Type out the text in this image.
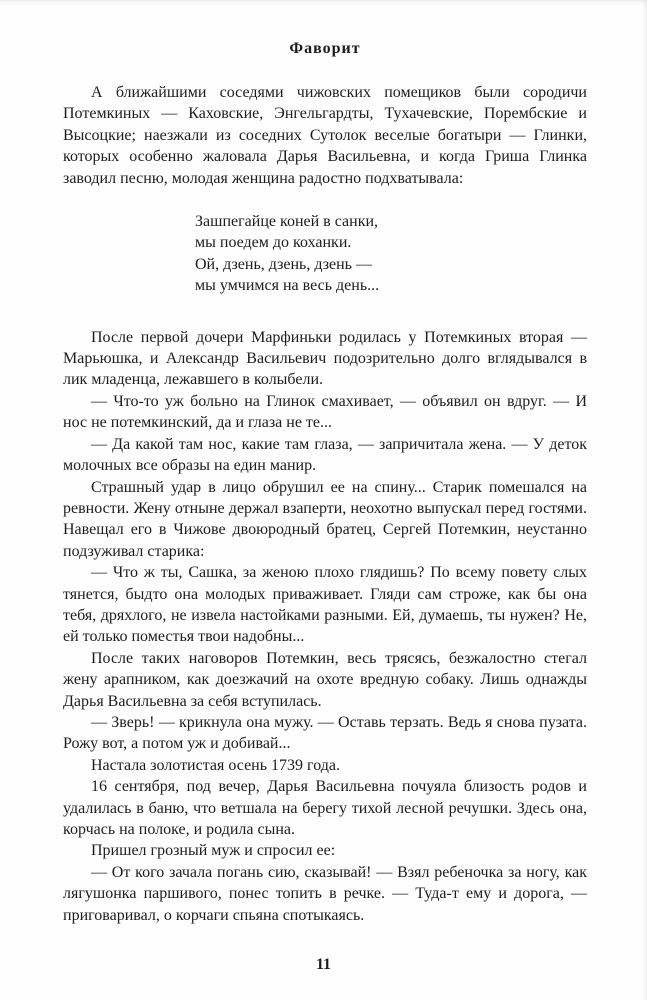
Фаворит

А ближайшими соседями чижовских помещиков были сородичи Потемкиных — Каховские, Энгельгардты, Тухачевские, Порембские и Высоцкие; наезжали из соседних Сутолок веселые богатыри — Глинки, которых особенно жаловала Дарья Васильевна, и когда Гриша Глинка заводил песню, молодая женщина радостно подхватывала:

Зашпегайце коней в санки,
мы поедем до коханки.
Ой, дзень, дзень, дзень —
мы умчимся на весь день...

После первой дочери Марфиньки родилась у Потемкиных вторая — Марьюшка, и Александр Васильевич подозрительно долго вглядывался в лик младенца, лежавшего в колыбели.

— Что-то уж больно на Глинок смахивает, — объявил он вдруг. — И нос не потемкинский, да и глаза не те...

— Да какой там нос, какие там глаза, — запричитала жена. — У деток молочных все образы на един манир.

Страшный удар в лицо обрушил ее на спину... Старик помешался на ревности. Жену отныне держал взаперти, неохотно выпускал перед гостями. Навещал его в Чижове двоюродный братец, Сергей Потемкин, неустанно подзуживал старика:

— Что ж ты, Сашка, за женою плохо глядишь? По всему повету слых тянется, быдто она молодых приваживает. Гляди сам строже, как бы она тебя, дряхлого, не извела настойками разными. Ей, думаешь, ты нужен? Не, ей только поместья твои надобны...

После таких наговоров Потемкин, весь трясясь, безжалостно стегал жену арапником, как доезжачий на охоте вредную собаку. Лишь однажды Дарья Васильевна за себя вступилась.

— Зверь! — крикнула она мужу. — Оставь терзать. Ведь я снова пузата. Рожу вот, а потом уж и добивай...

Настала золотистая осень 1739 года.

16 сентября, под вечер, Дарья Васильевна почуяла близость родов и удалилась в баню, что ветшала на берегу тихой лесной речушки. Здесь она, корчась на полоке, и родила сына.

Пришел грозный муж и спросил ее:

— От кого зачала погань сию, сказывай! — Взял ребеночка за ногу, как лягушонка паршивого, понес топить в речке. — Туда-т ему и дорога, — приговаривал, о корчаги спьяна спотыкаясь.

11
